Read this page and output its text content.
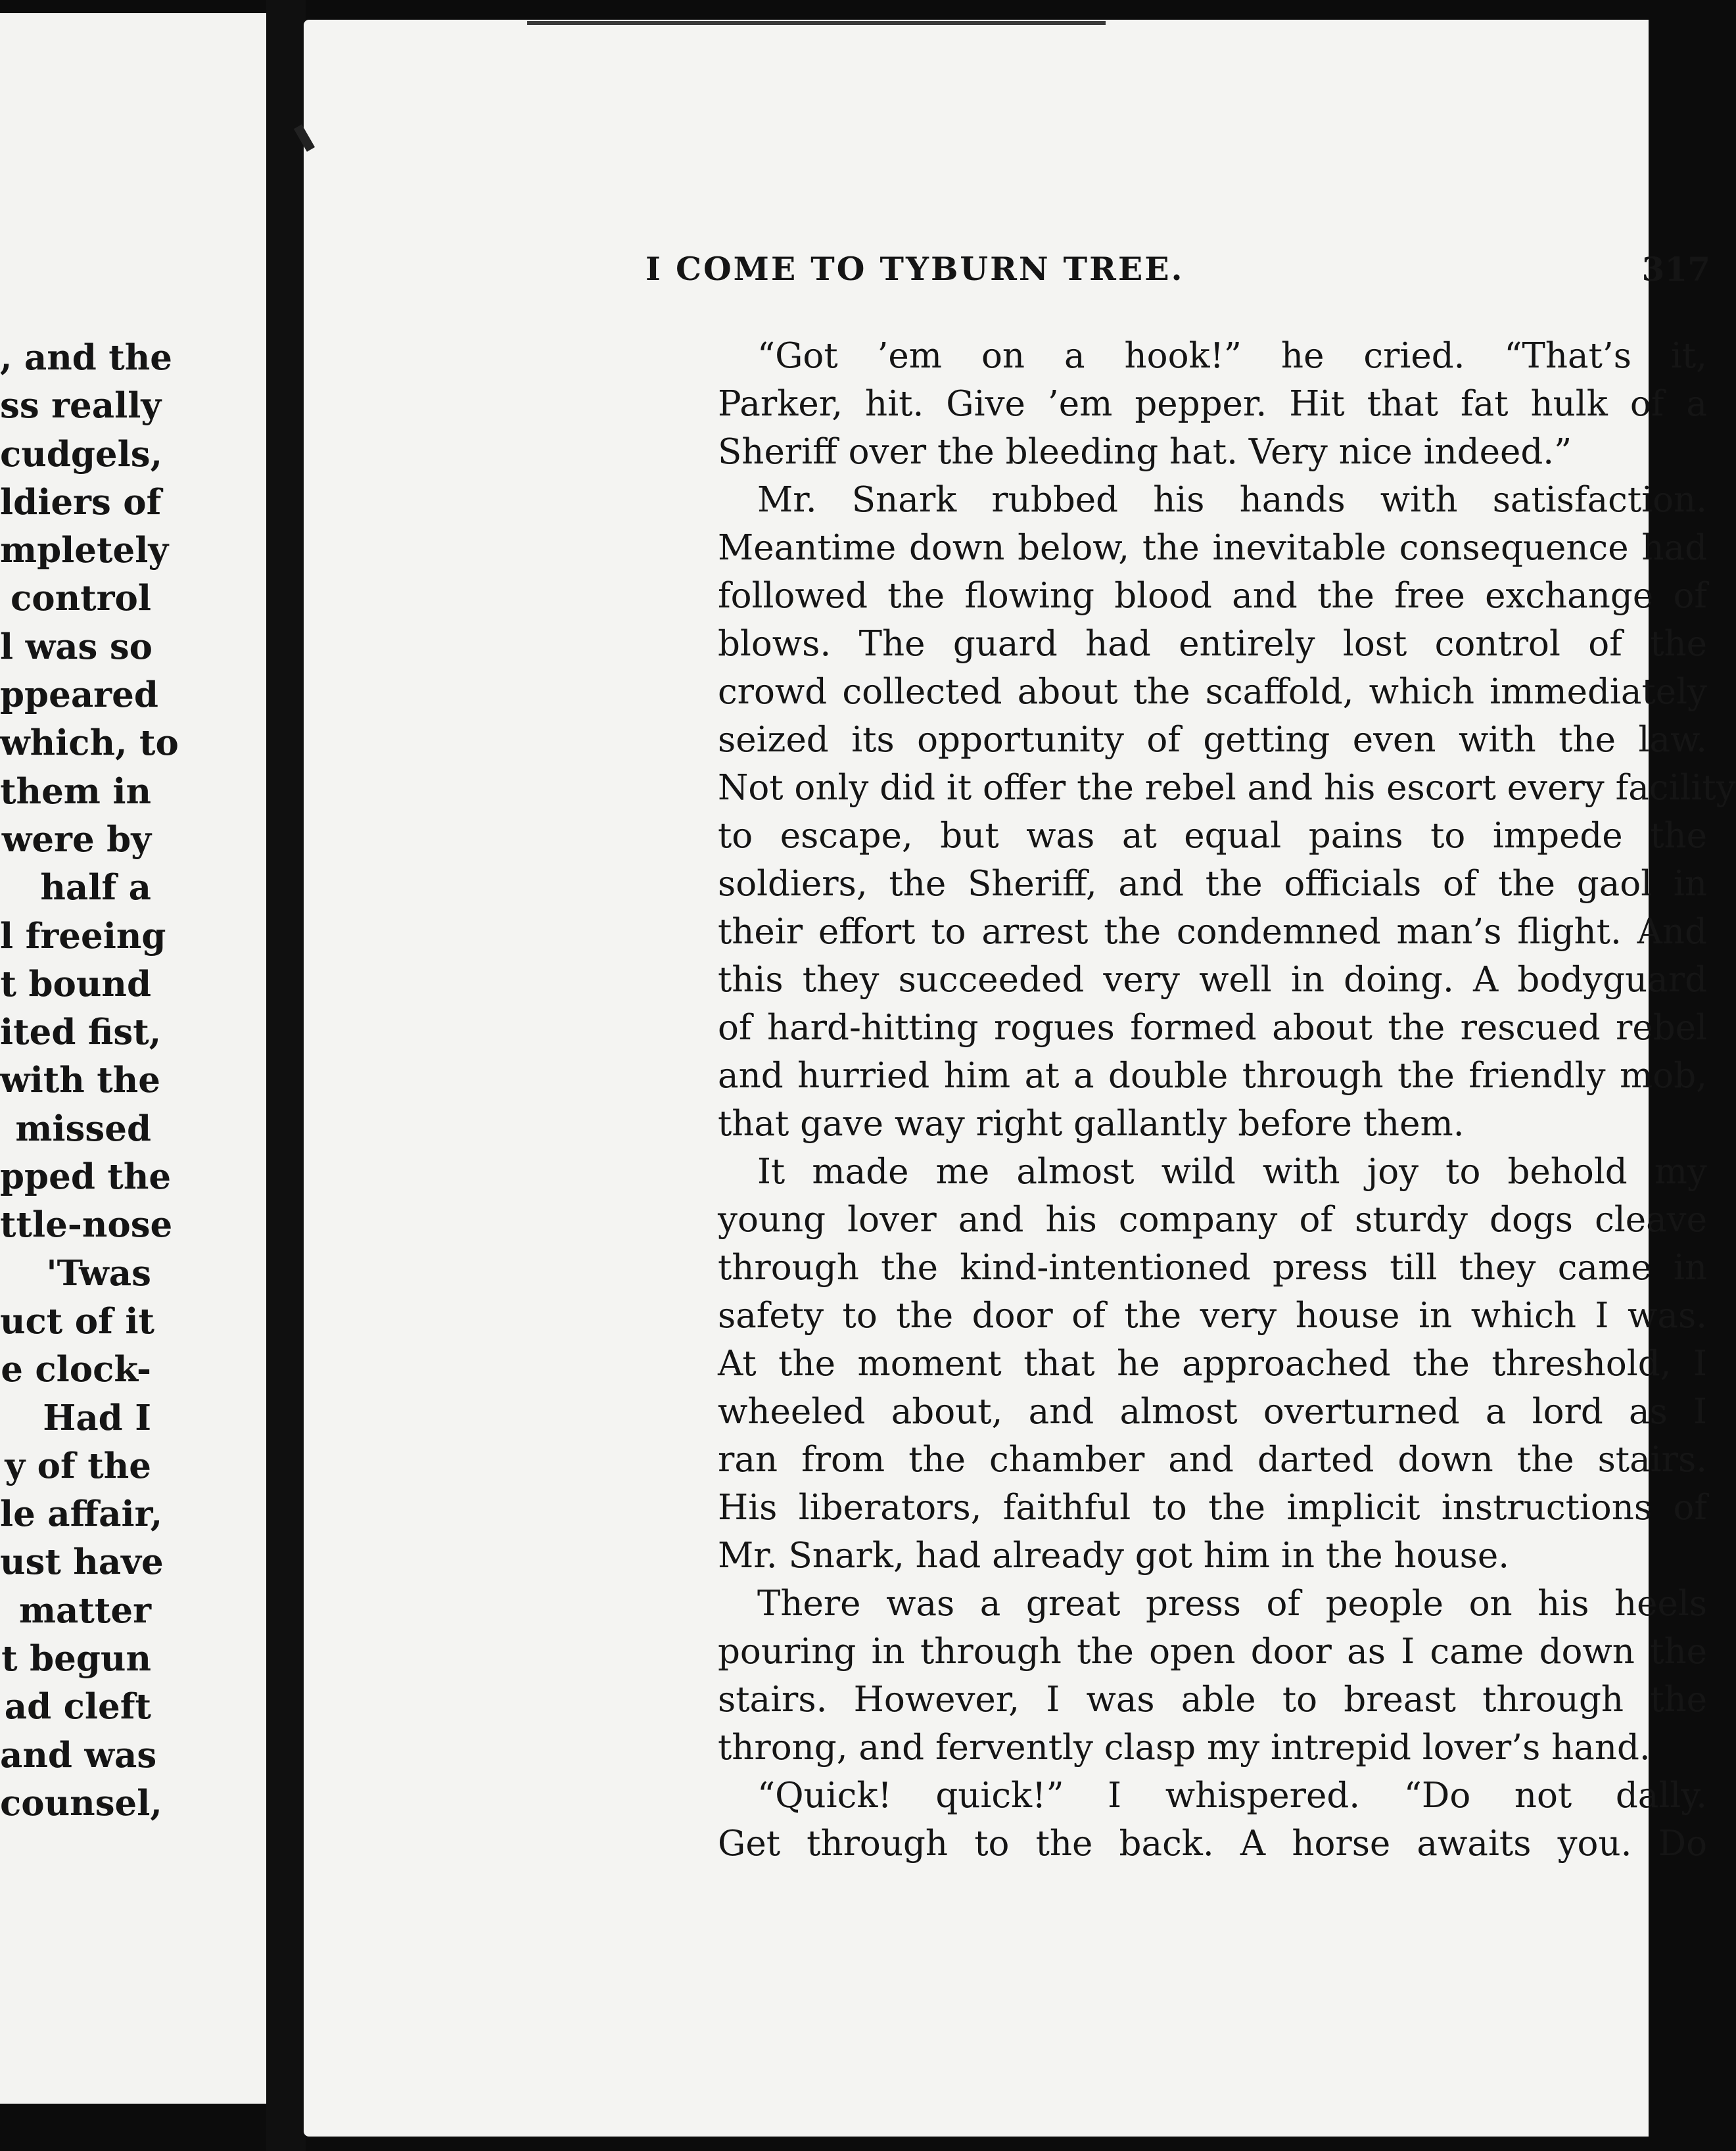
, and the
ss really
cudgels,
ldiers of
mpletely
control
l was so
ppeared
which, to
them in
were by
half a
l freeing
t bound
ited fist,
with the
missed
pped the
ttle-nose
'Twas
uct of it
e clock-
Had I
y of the
le affair,
ust have
matter
t begun
ad cleft
and was
counsel,
I COME TO TYBURN TREE.	317
“Got ’em on a hook!” he cried. “That’s it,
Parker, hit. Give ’em pepper. Hit that fat hulk of a
Sheriff over the bleeding hat. Very nice indeed.”
Mr. Snark rubbed his hands with satisfaction.
Meantime down below, the inevitable consequence had
followed the flowing blood and the free exchange of
blows. The guard had entirely lost control of the
crowd collected about the scaffold, which immediately
seized its opportunity of getting even with the law.
Not only did it offer the rebel and his escort every facility
to escape, but was at equal pains to impede the
soldiers, the Sheriff, and the officials of the gaol in
their effort to arrest the condemned man’s flight. And
this they succeeded very well in doing. A bodyguard
of hard-hitting rogues formed about the rescued rebel
and hurried him at a double through the friendly mob,
that gave way right gallantly before them.
It made me almost wild with joy to behold my
young lover and his company of sturdy dogs cleave
through the kind-intentioned press till they came in
safety to the door of the very house in which I was.
At the moment that he approached the threshold, I
wheeled about, and almost overturned a lord as I
ran from the chamber and darted down the stairs.
His liberators, faithful to the implicit instructions of
Mr. Snark, had already got him in the house.
There was a great press of people on his heels
pouring in through the open door as I came down the
stairs. However, I was able to breast through the
throng, and fervently clasp my intrepid lover’s hand.
“Quick! quick!” I whispered. “Do not dally.
Get through to the back. A horse awaits you. Do
